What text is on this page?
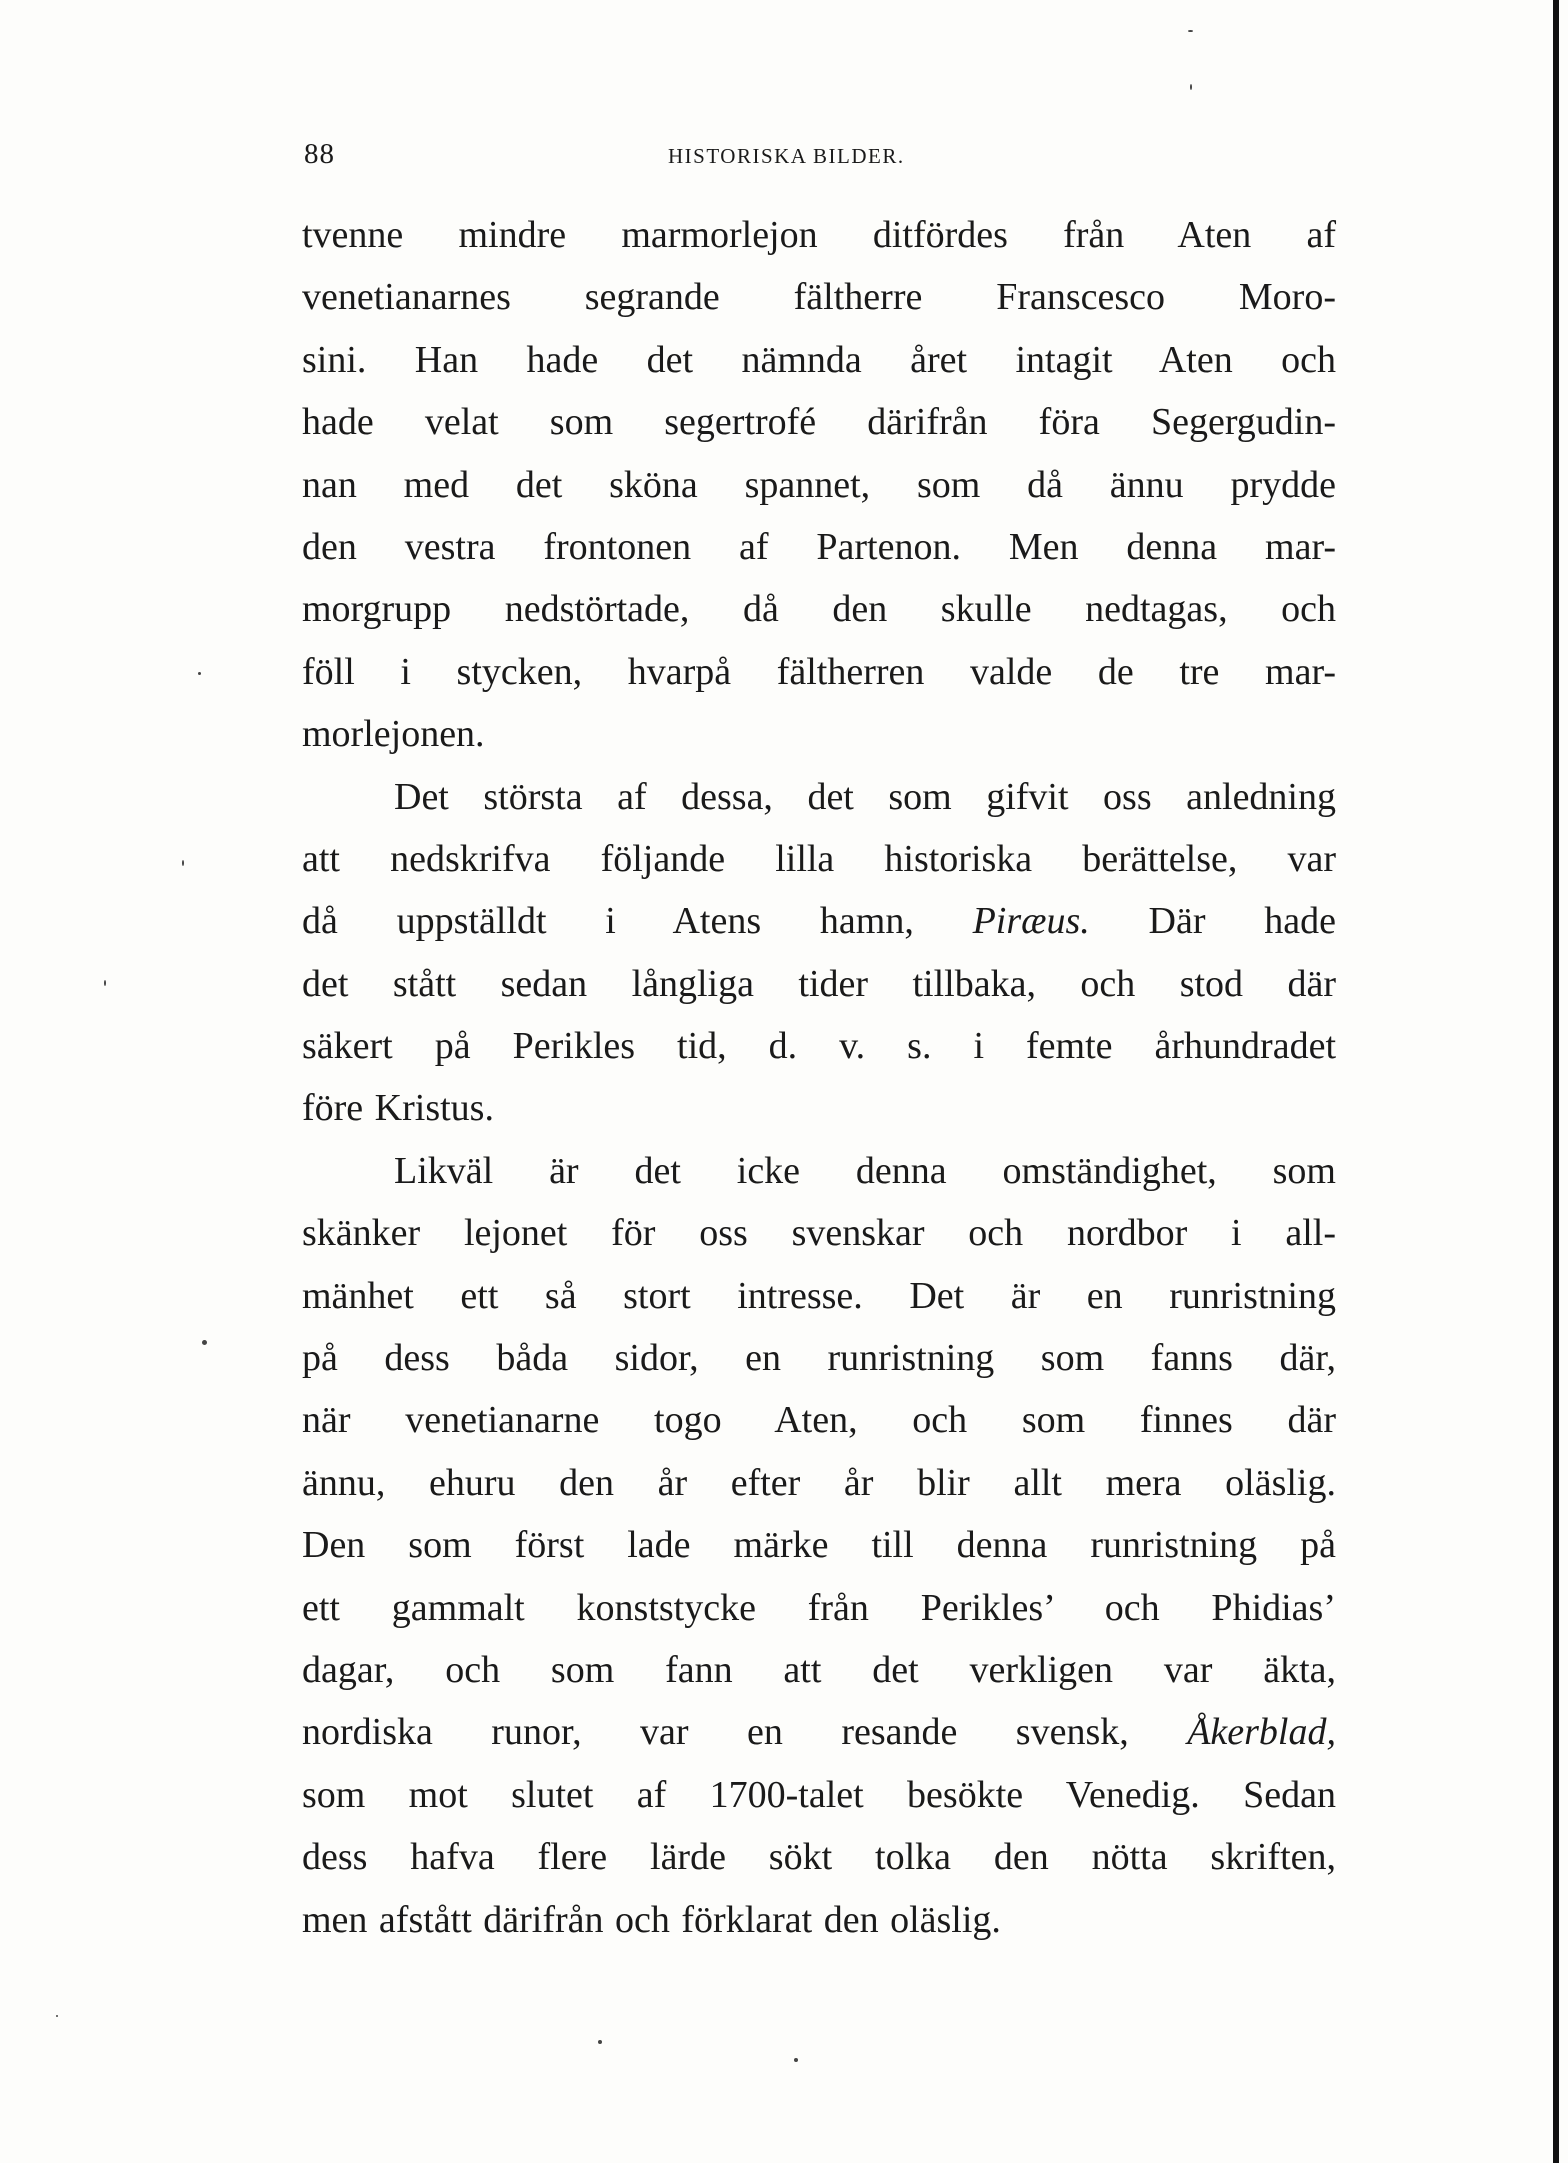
88	HISTORISKA BILDER.
tvenne mindre marmorlejon ditfördes från Aten af
venetianarnes segrande fältherre Franscesco Moro-
sini. Han hade det nämnda året intagit Aten och
hade velat som segertrofé därifrån föra Segergudin-
nan med det sköna spannet, som då ännu prydde
den vestra frontonen af Partenon. Men denna mar-
morgrupp nedstörtade, då den skulle nedtagas, och
föll i stycken, hvarpå fältherren valde de tre mar-
morlejonen.
Det största af dessa, det som gifvit oss anledning
att nedskrifva följande lilla historiska berättelse, var
då uppställdt i Atens hamn, Piræus. Där hade
det stått sedan långliga tider tillbaka, och stod där
säkert på Perikles tid, d. v. s. i femte århundradet
före Kristus.
Likväl är det icke denna omständighet, som
skänker lejonet för oss svenskar och nordbor i all-
mänhet ett så stort intresse. Det är en runristning
på dess båda sidor, en runristning som fanns där,
när venetianarne togo Aten, och som finnes där
ännu, ehuru den år efter år blir allt mera oläslig.
Den som först lade märke till denna runristning på
ett gammalt konststycke från Perikles’ och Phidias’
dagar, och som fann att det verkligen var äkta,
nordiska runor, var en resande svensk, Åkerblad,
som mot slutet af 1700-talet besökte Venedig. Sedan
dess hafva flere lärde sökt tolka den nötta skriften,
men afstått därifrån och förklarat den oläslig.
